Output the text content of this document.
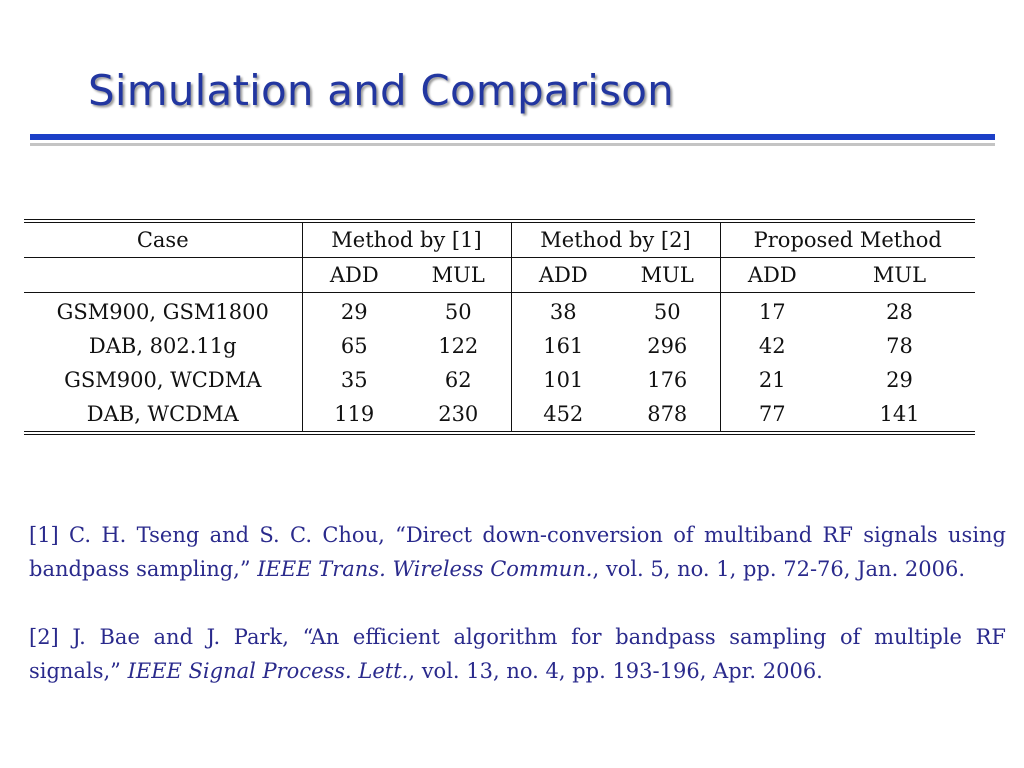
Simulation and Comparison
Case	Method by [1]		Method by [2]		Proposed Method	
	ADD	MUL	ADD	MUL	ADD	MUL
GSM900, GSM1800	29	50	38	50	17	28
DAB, 802.11g	65	122	161	296	42	78
GSM900, WCDMA	35	62	101	176	21	29
DAB, WCDMA	119	230	452	878	77	141

[1] C. H. Tseng and S. C. Chou, “Direct down-conversion of multiband RF signals using bandpass sampling,” IEEE Trans. Wireless Commun., vol. 5, no. 1, pp. 72-76, Jan. 2006.

[2] J. Bae and J. Park, “An efficient algorithm for bandpass sampling of multiple RF signals,” IEEE Signal Process. Lett., vol. 13, no. 4, pp. 193-196, Apr. 2006.
